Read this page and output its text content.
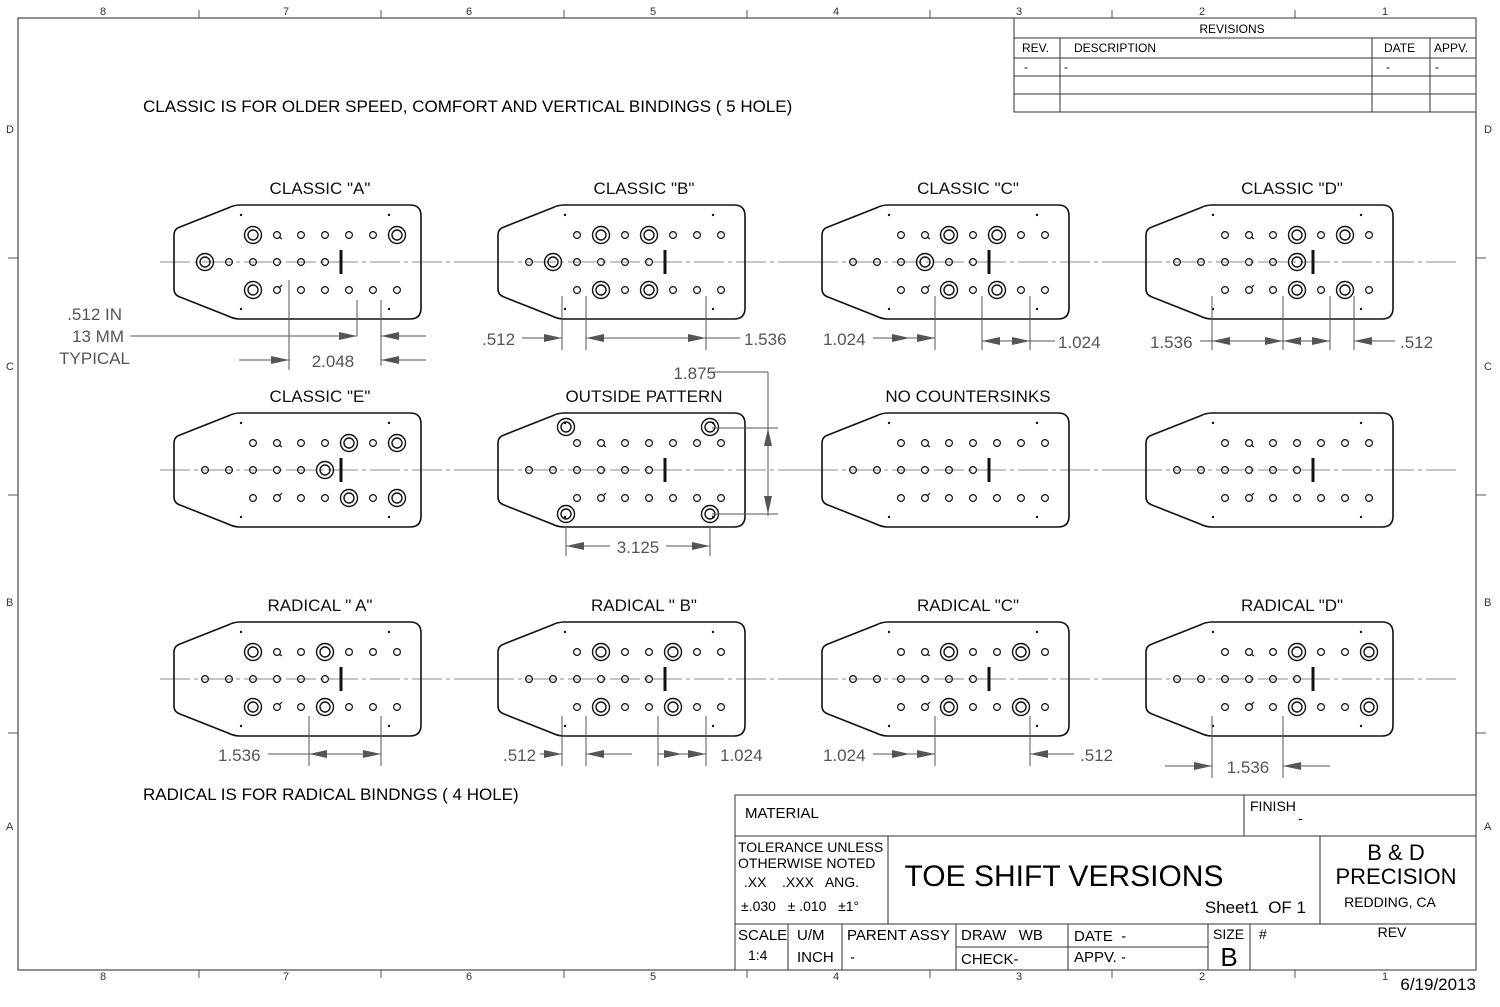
8	7	6	5	4	3	2	1
8	7	6	5	4	3	2	1
D
C
B
A
D
C
B
A
REVISIONS
REV. DESCRIPTION	DATE APPV.
-	-	-	-
CLASSIC IS FOR OLDER SPEED, COMFORT AND VERTICAL BINDINGS ( 5 HOLE)
RADICAL IS FOR RADICAL BINDNGS ( 4 HOLE)
CLASSIC "A"	CLASSIC "B"	CLASSIC "C"	CLASSIC "D"
CLASSIC "E"	OUTSIDE PATTERN	NO COUNTERSINKS
RADICAL " A"	RADICAL " B"	RADICAL "C"	RADICAL "D"
.512 IN
13 MM
TYPICAL	2.048
.512	1.536 1.024	1.024	1.536	.512
1.875
3.125
1.536	.512	1.024	1.024	.512
1.536
MATERIAL	FINISH
-
TOLERANCE UNLESS
OTHERWISE NOTED
.XX    .XXX   ANG.
±.030   ± .010   ±1°
TOE SHIFT VERSIONS
Sheet1  OF 1
B & D
PRECISION
REDDING, CA
SCALE
1:4
U/M
INCH
PARENT ASSY
-
DRAW   WB
CHECK-
DATE  -
APPV. -
SIZE
B
#	REV
6/19/2013
